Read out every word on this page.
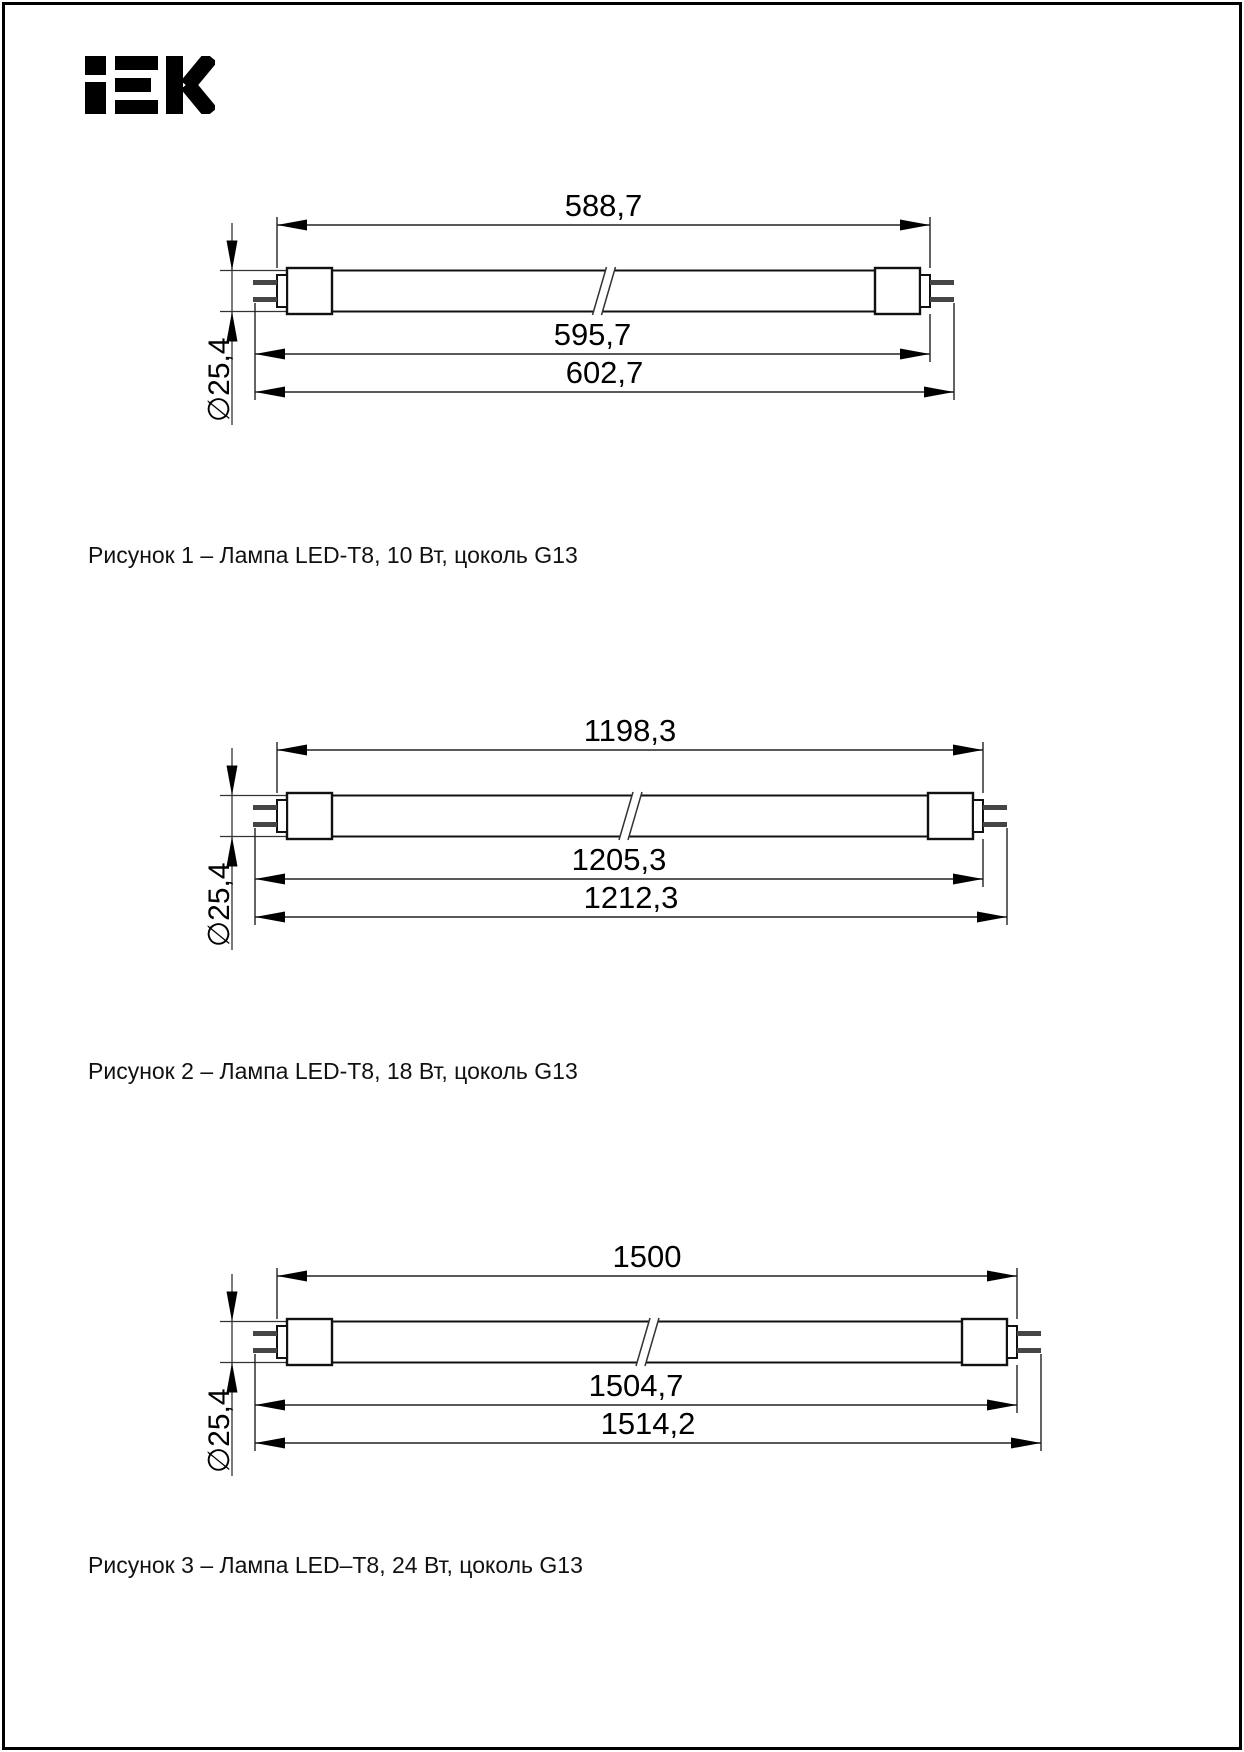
∅25,4
588,7
595,7
602,7
∅25,4
1198,3
1205,3
1212,3
∅25,4
1500
1504,7
1514,2
Рисунок 1 – Лампа LED-T8, 10 Вт, цоколь G13
Рисунок 2 – Лампа LED-T8, 18 Вт, цоколь G13
Рисунок 3 – Лампа LED–T8, 24 Вт, цоколь G13
